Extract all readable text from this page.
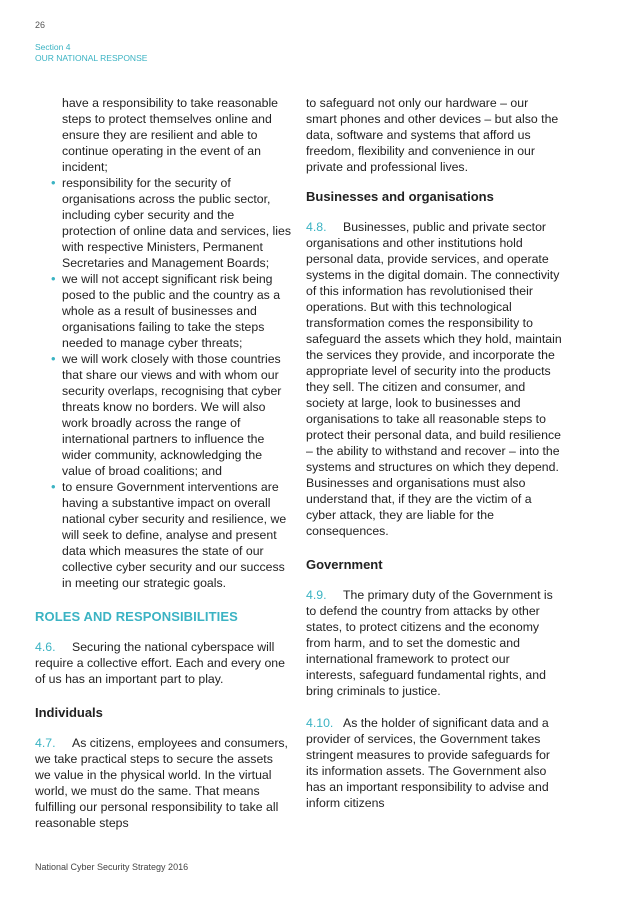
26
Section 4
OUR NATIONAL RESPONSE

have a responsibility to take reasonable steps to protect themselves online and ensure they are resilient and able to continue operating in the event of an incident;

• responsibility for the security of organisations across the public sector, including cyber security and the protection of online data and services, lies with respective Ministers, Permanent Secretaries and Management Boards;
• we will not accept significant risk being posed to the public and the country as a whole as a result of businesses and organisations failing to take the steps needed to manage cyber threats;
• we will work closely with those countries that share our views and with whom our security overlaps, recognising that cyber threats know no borders. We will also work broadly across the range of international partners to influence the wider community, acknowledging the value of broad coalitions; and
• to ensure Government interventions are having a substantive impact on overall national cyber security and resilience, we will seek to define, analyse and present data which measures the state of our collective cyber security and our success in meeting our strategic goals.
ROLES AND RESPONSIBILITIES

4.6. Securing the national cyberspace will require a collective effort. Each and every one of us has an important part to play.

Individuals

4.7. As citizens, employees and consumers, we take practical steps to secure the assets we value in the physical world. In the virtual world, we must do the same. That means fulfilling our personal responsibility to take all reasonable steps

to safeguard not only our hardware – our smart phones and other devices – but also the data, software and systems that afford us freedom, flexibility and convenience in our private and professional lives.

Businesses and organisations

4.8. Businesses, public and private sector organisations and other institutions hold personal data, provide services, and operate systems in the digital domain. The connectivity of this information has revolutionised their operations. But with this technological transformation comes the responsibility to safeguard the assets which they hold, maintain the services they provide, and incorporate the appropriate level of security into the products they sell. The citizen and consumer, and society at large, look to businesses and organisations to take all reasonable steps to protect their personal data, and build resilience – the ability to withstand and recover – into the systems and structures on which they depend. Businesses and organisations must also understand that, if they are the victim of a cyber attack, they are liable for the consequences.

Government

4.9. The primary duty of the Government is to defend the country from attacks by other states, to protect citizens and the economy from harm, and to set the domestic and international framework to protect our interests, safeguard fundamental rights, and bring criminals to justice.

4.10. As the holder of significant data and a provider of services, the Government takes stringent measures to provide safeguards for its information assets. The Government also has an important responsibility to advise and inform citizens

National Cyber Security Strategy 2016
